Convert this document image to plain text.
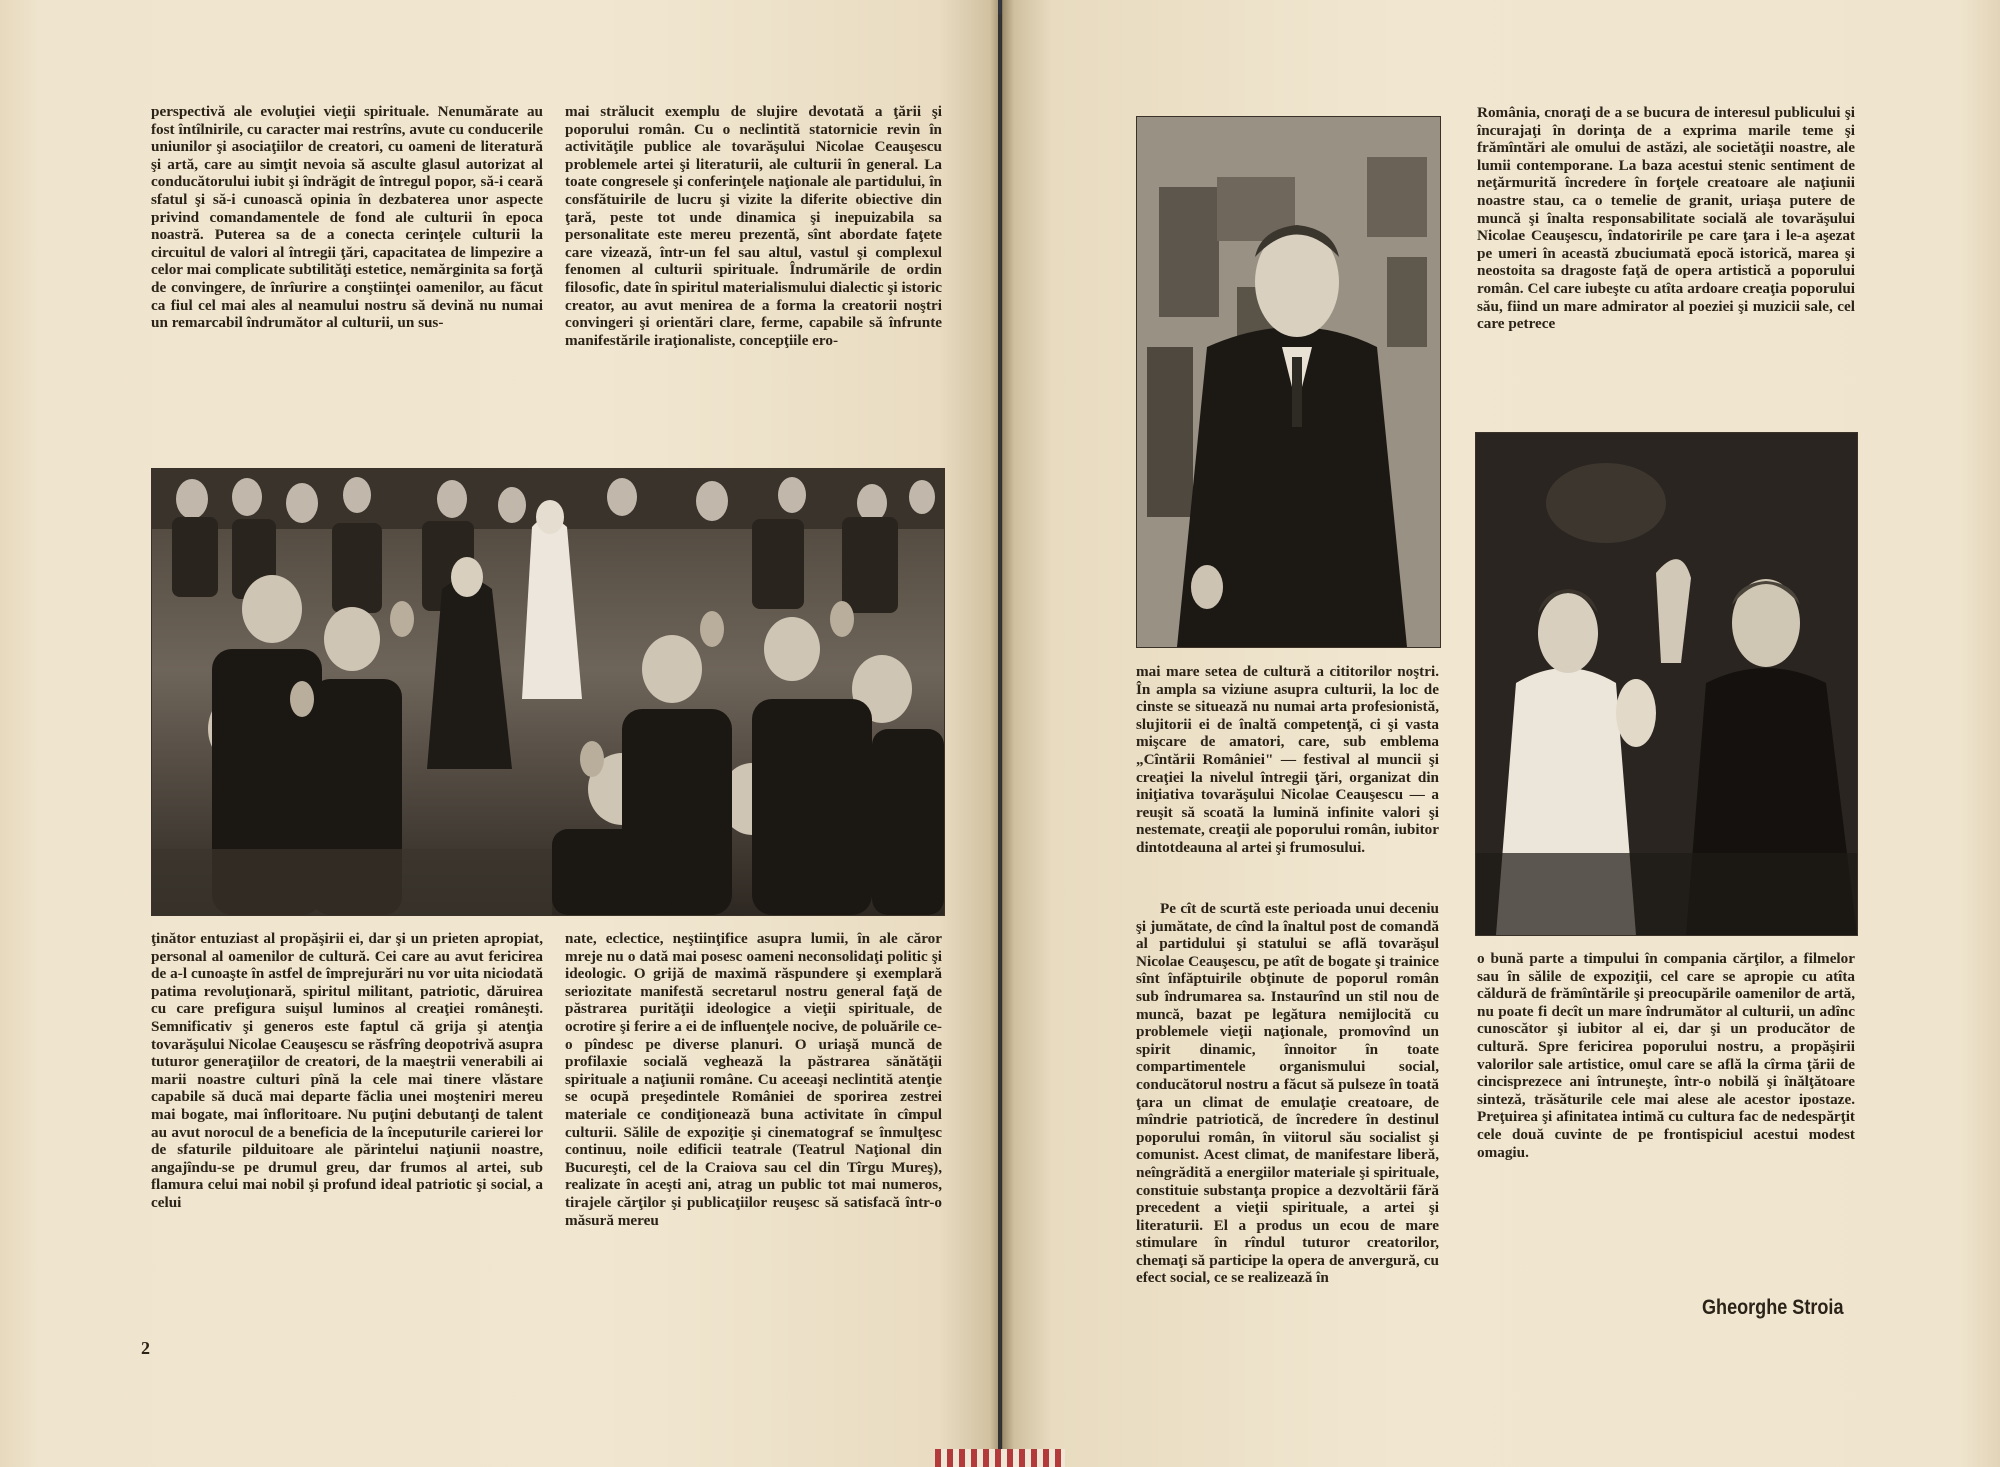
perspectivă ale evoluţiei vieţii spirituale. Nenumărate au fost întîlnirile, cu caracter mai restrîns, avute cu conducerile uniunilor şi asociaţiilor de creatori, cu oameni de literatură şi artă, care au simţit nevoia să asculte glasul autorizat al conducătorului iubit şi îndrăgit de întregul popor, să-i ceară sfatul şi să-i cunoască opinia în dezbaterea unor aspecte privind comandamentele de fond ale culturii în epoca noastră. Puterea sa de a conecta cerinţele culturii la circuitul de valori al întregii ţări, capacitatea de limpezire a celor mai complicate subtilităţi estetice, nemărginita sa forţă de convingere, de înrîurire a conştiinţei oamenilor, au făcut ca fiul cel mai ales al neamului nostru să devină nu numai un remarcabil îndrumător al culturii, un sus-

mai strălucit exemplu de slujire devotată a ţării şi poporului român. Cu o neclintită statornicie revin în activităţile publice ale tovarăşului Nicolae Ceauşescu problemele artei şi literaturii, ale culturii în general. La toate congresele şi conferinţele naţionale ale partidului, în consfătuirile de lucru şi vizite la diferite obiective din ţară, peste tot unde dinamica şi inepuizabila sa personalitate este mereu prezentă, sînt abordate faţete care vizează, într-un fel sau altul, vastul şi complexul fenomen al culturii spirituale. Îndrumările de ordin filosofic, date în spiritul materialismului dialectic şi istoric creator, au avut menirea de a forma la creatorii noştri convingeri şi orientări clare, ferme, capabile să înfrunte manifestările iraţionaliste, concepţiile ero-

ţinător entuziast al propăşirii ei, dar şi un prieten apropiat, personal al oamenilor de cultură. Cei care au avut fericirea de a-l cunoaşte în astfel de împrejurări nu vor uita niciodată patima revoluţionară, spiritul militant, patriotic, dăruirea cu care prefigura suişul luminos al creaţiei româneşti. Semnificativ şi generos este faptul că grija şi atenţia tovarăşului Nicolae Ceauşescu se răsfrîng deopotrivă asupra tuturor generaţiilor de creatori, de la maeştrii venerabili ai marii noastre culturi pînă la cele mai tinere vlăstare capabile să ducă mai departe făclia unei moşteniri mereu mai bogate, mai înfloritoare. Nu puţini debutanţi de talent au avut norocul de a beneficia de la începuturile carierei lor de sfaturile pilduitoare ale părintelui naţiunii noastre, angajîndu-se pe drumul greu, dar frumos al artei, sub flamura celui mai nobil şi profund ideal patriotic şi social, a celui

nate, eclectice, neştiinţifice asupra lumii, în ale căror mreje nu o dată mai posesc oameni neconsolidaţi politic şi ideologic. O grijă de maximă răspundere şi exemplară seriozitate manifestă secretarul nostru general faţă de păstrarea purităţii ideologice a vieţii spirituale, de ocrotire şi ferire a ei de influenţele nocive, de poluările ce-o pîndesc pe diverse planuri. O uriaşă muncă de profilaxie socială veghează la păstrarea sănătăţii spirituale a naţiunii române. Cu aceeaşi neclintită atenţie se ocupă preşedintele României de sporirea zestrei materiale ce condiţionează buna activitate în cîmpul culturii. Sălile de expoziţie şi cinematograf se înmulţesc continuu, noile edificii teatrale (Teatrul Naţional din Bucureşti, cel de la Craiova sau cel din Tîrgu Mureş), realizate în aceşti ani, atrag un public tot mai numeros, tirajele cărţilor şi publicaţiilor reuşesc să satisfacă într-o măsură mereu

2

România, cnoraţi de a se bucura de interesul publicului şi încurajaţi în dorinţa de a exprima marile teme şi frămîntări ale omului de astăzi, ale societăţii noastre, ale lumii contemporane. La baza acestui stenic sentiment de neţărmurită încredere în forţele creatoare ale naţiunii noastre stau, ca o temelie de granit, uriaşa putere de muncă şi înalta responsabilitate socială ale tovarăşului Nicolae Ceauşescu, îndatoririle pe care ţara i le-a aşezat pe umeri în această zbuciumată epocă istorică, marea şi neostoita sa dragoste faţă de opera artistică a poporului român. Cel care iubeşte cu atîta ardoare creaţia poporului său, fiind un mare admirator al poeziei şi muzicii sale, cel care petrece

mai mare setea de cultură a cititorilor noştri. În ampla sa viziune asupra culturii, la loc de cinste se situează nu numai arta profesionistă, slujitorii ei de înaltă competenţă, ci şi vasta mişcare de amatori, care, sub emblema „Cîntării României" — festival al muncii şi creaţiei la nivelul întregii ţări, organizat din iniţiativa tovarăşului Nicolae Ceauşescu — a reuşit să scoată la lumină infinite valori şi nestemate, creaţii ale poporului român, iubitor dintotdeauna al artei şi frumosului.

Pe cît de scurtă este perioada unui deceniu şi jumătate, de cînd la înaltul post de comandă al partidului şi statului se află tovarăşul Nicolae Ceauşescu, pe atît de bogate şi trainice sînt înfăptuirile obţinute de poporul român sub îndrumarea sa. Instaurînd un stil nou de muncă, bazat pe legătura nemijlocită cu problemele vieţii naţionale, promovînd un spirit dinamic, înnoitor în toate compartimentele organismului social, conducătorul nostru a făcut să pulseze în toată ţara un climat de emulaţie creatoare, de mîndrie patriotică, de încredere în destinul poporului român, în viitorul său socialist şi comunist. Acest climat, de manifestare liberă, neîngrădită a energiilor materiale şi spirituale, constituie substanţa propice a dezvoltării fără precedent a vieţii spirituale, a artei şi literaturii. El a produs un ecou de mare stimulare în rîndul tuturor creatorilor, chemaţi să participe la opera de anvergură, cu efect social, ce se realizează în

o bună parte a timpului în compania cărţilor, a filmelor sau în sălile de expoziţii, cel care se apropie cu atîta căldură de frămîntările şi preocupările oamenilor de artă, nu poate fi decît un mare îndrumător al culturii, un adînc cunoscător şi iubitor al ei, dar şi un producător de cultură. Spre fericirea poporului nostru, a propăşirii valorilor sale artistice, omul care se află la cîrma ţării de cincisprezece ani întruneşte, într-o nobilă şi înălţătoare sinteză, trăsăturile cele mai alese ale acestor ipostaze. Preţuirea şi afinitatea intimă cu cultura fac de nedespărţit cele două cuvinte de pe frontispiciul acestui modest omagiu.

Gheorghe Stroia
